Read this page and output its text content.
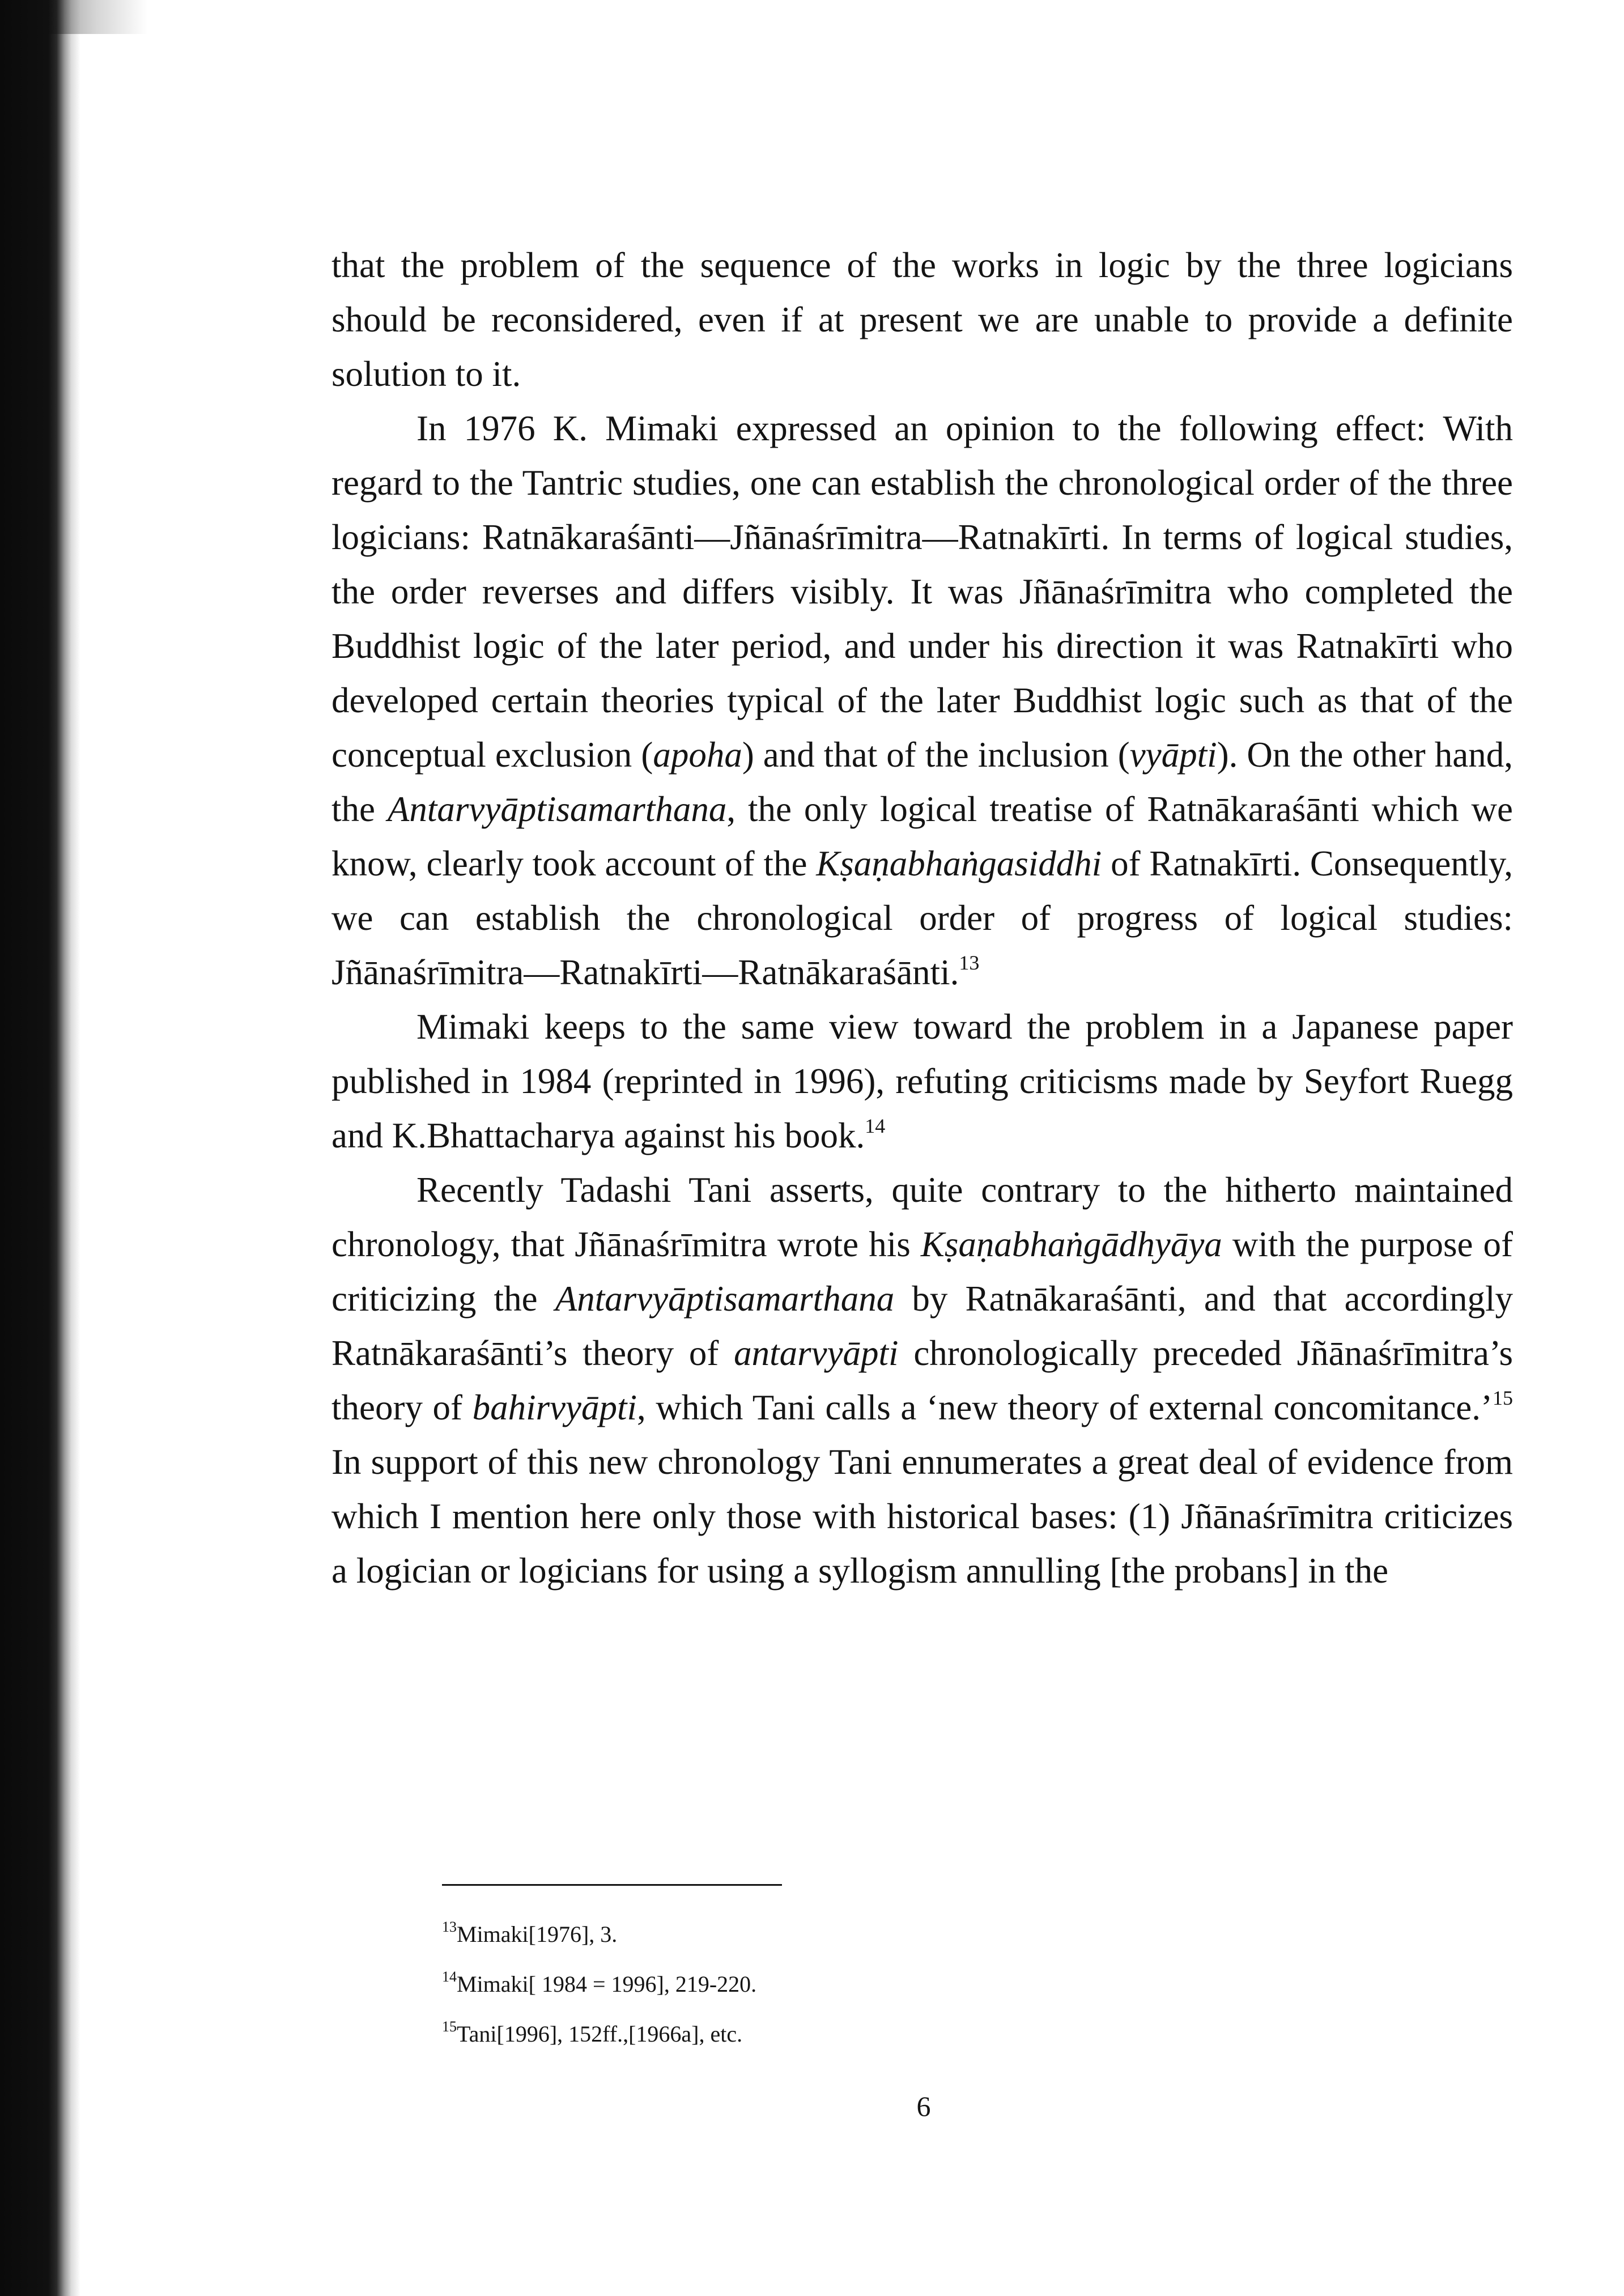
that the problem of the sequence of the works in logic by the three logicians should be reconsidered, even if at present we are unable to provide a definite solution to it.

In 1976 K. Mimaki expressed an opinion to the following effect: With regard to the Tantric studies, one can establish the chronological order of the three logicians: Ratnākaraśānti—Jñānaśrīmitra—Ratnakīrti. In terms of logical studies, the order reverses and differs visibly. It was Jñānaśrīmitra who completed the Buddhist logic of the later period, and under his direction it was Ratnakīrti who developed certain theories typical of the later Buddhist logic such as that of the conceptual exclusion (apoha) and that of the inclusion (vyāpti). On the other hand, the Antarvyāptisamarthana, the only logical treatise of Ratnākaraśānti which we know, clearly took account of the Kṣaṇabhaṅgasiddhi of Ratnakīrti. Consequently, we can establish the chronological order of progress of logical studies: Jñānaśrīmitra—Ratnakīrti—Ratnākaraśānti.$^{13}$

Mimaki keeps to the same view toward the problem in a Japanese paper published in 1984 (reprinted in 1996), refuting criticisms made by Seyfort Ruegg and K.Bhattacharya against his book.$^{14}$

Recently Tadashi Tani asserts, quite contrary to the hitherto maintained chronology, that Jñānaśrīmitra wrote his Kṣaṇabhaṅgādhyāya with the purpose of criticizing the Antarvyāptisamarthana by Ratnākaraśānti, and that accordingly Ratnākaraśānti’s theory of antarvyāpti chronologically preceded Jñānaśrīmitra’s theory of bahirvyāpti, which Tani calls a ‘new theory of external concomitance.’$^{15}$ In support of this new chronology Tani ennumerates a great deal of evidence from which I mention here only those with historical bases: (1) Jñānaśrīmitra criticizes a logician or logicians for using a syllogism annulling [the probans] in the

$^{13}$Mimaki[1976], 3.

$^{14}$Mimaki[ 1984 = 1996], 219-220.

$^{15}$Tani[1996], 152ff.,[1966a], etc.

6
